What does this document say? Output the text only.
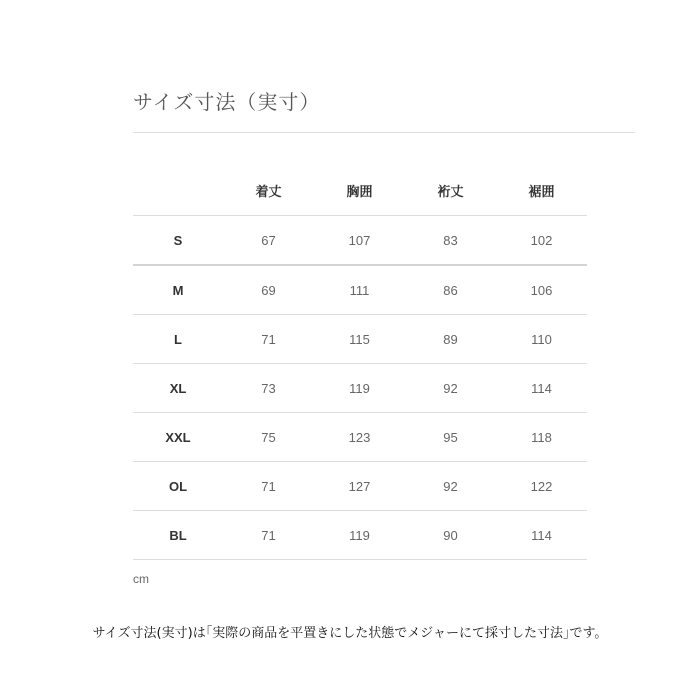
サイズ寸法（実寸）
	着丈	胸囲	裄丈	裾囲
S	67	107	83	102
M	69	111	86	106
L	71	115	89	110
XL	73	119	92	114
XXL	75	123	95	118
OL	71	127	92	122
BL	71	119	90	114
cm
サイズ寸法(実寸)は｢実際の商品を平置きにした状態でメジャーにて採寸した寸法｣です。
